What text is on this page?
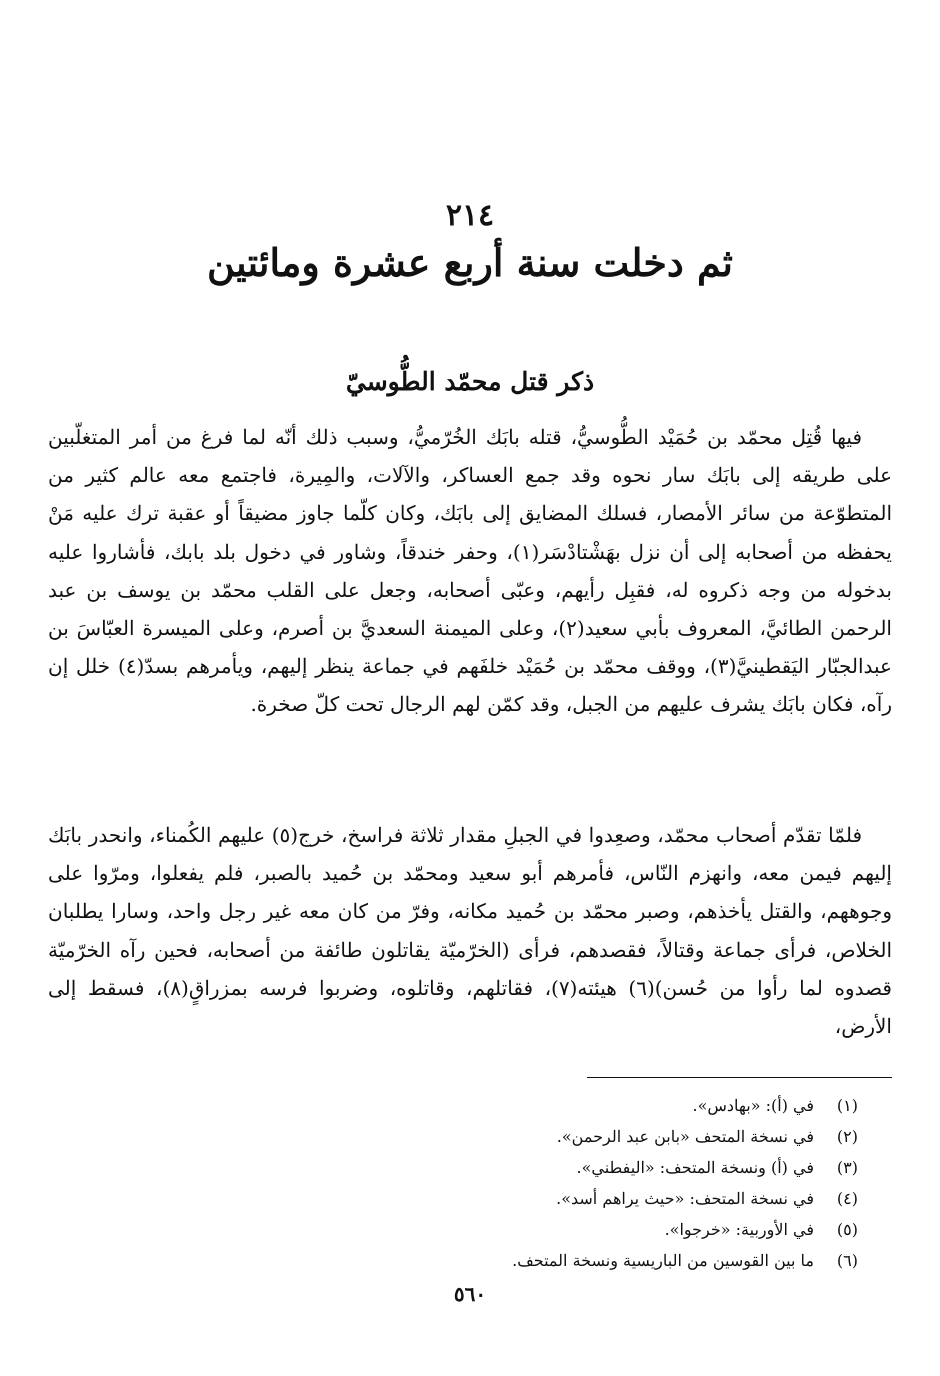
٢١٤
ثم دخلت سنة أربع عشرة ومائتين
ذكر قتل محمّد الطُّوسيّ

فيها قُتِل محمّد بن حُمَيْد الطُّوسيُّ، قتله بابَك الخُرّميُّ، وسبب ذلك أنّه لما فرغ من أمر المتغلّبين على طريقه إلى بابَك سار نحوه وقد جمع العساكر، والآلات، والمِيرة، فاجتمع معه عالم كثير من المتطوّعة من سائر الأمصار، فسلك المضايق إلى بابَك، وكان كلّما جاوز مضيقاً أو عقبة ترك عليه مَنْ يحفظه من أصحابه إلى أن نزل بهَشْتادْسَر(١)، وحفر خندقاً، وشاور في دخول بلد بابك، فأشاروا عليه بدخوله من وجه ذكروه له، فقبِل رأيهم، وعبّى أصحابه، وجعل على القلب محمّد بن يوسف بن عبد الرحمن الطائيَّ، المعروف بأبي سعيد(٢)، وعلى الميمنة السعديَّ بن أصرم، وعلى الميسرة العبّاسَ بن عبدالجبّار اليَقطينيَّ(٣)، ووقف محمّد بن حُمَيْد خلفَهم في جماعة ينظر إليهم، ويأمرهم بسدّ(٤) خلل إن رآه، فكان بابَك يشرف عليهم من الجبل، وقد كمّن لهم الرجال تحت كلّ صخرة.

فلمّا تقدّم أصحاب محمّد، وصعِدوا في الجبلِ مقدار ثلاثة فراسخ، خرج(٥) عليهم الكُمناء، وانحدر بابَك إليهم فيمن معه، وانهزم النّاس، فأمرهم أبو سعيد ومحمّد بن حُميد بالصبر، فلم يفعلوا، ومرّوا على وجوههم، والقتل يأخذهم، وصبر محمّد بن حُميد مكانه، وفرّ من كان معه غير رجل واحد، وسارا يطلبان الخلاص، فرأى جماعة وقتالاً، فقصدهم، فرأى (الخرّميّة يقاتلون طائفة من أصحابه، فحين رآه الخرّميّة قصدوه لما رأوا من حُسن)(٦) هيئته(٧)، فقاتلهم، وقاتلوه، وضربوا فرسه بمزراقٍ(٨)، فسقط إلى الأرض،

(١)
في (أ): «بهادس».
(٢)
في نسخة المتحف «بابن عبد الرحمن».
(٣)
في (أ) ونسخة المتحف: «اليفطني».
(٤)
في نسخة المتحف: «حيث يراهم أسد».
(٥)
في الأوربية: «خرجوا».
(٦)
ما بين القوسين من الباريسية ونسخة المتحف.
٥٦٠
